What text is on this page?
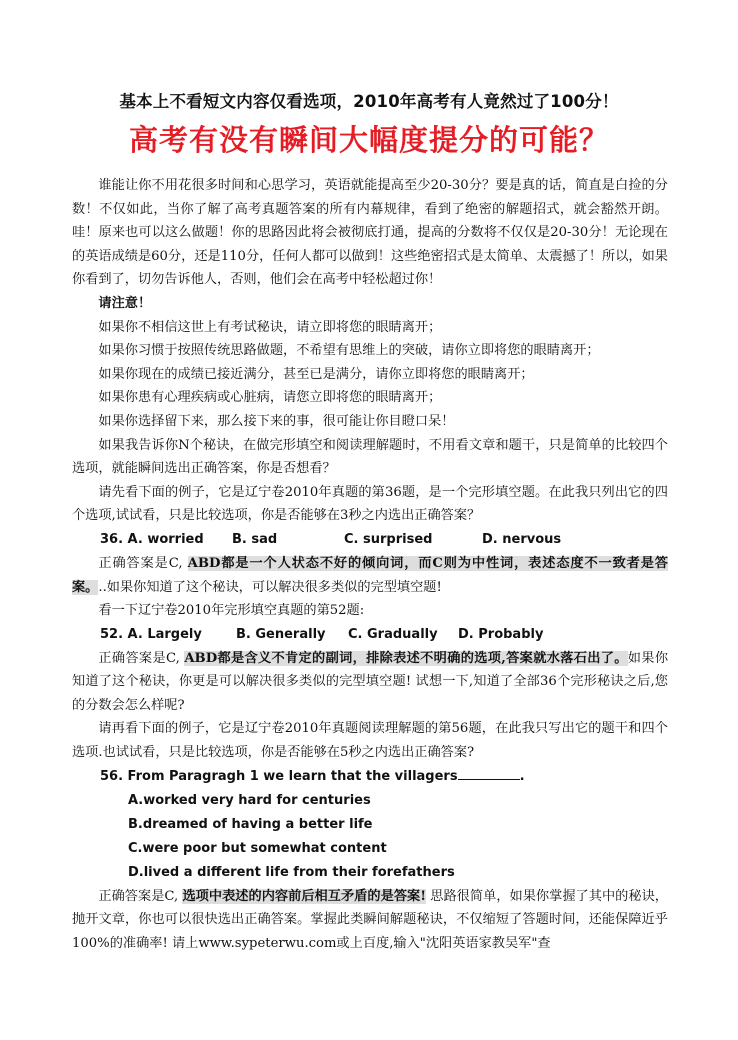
基本上不看短文内容仅看选项，2010年高考有人竟然过了100分！
高考有没有瞬间大幅度提分的可能？

谁能让你不用花很多时间和心思学习，英语就能提高至少20-30分？要是真的话，简直是白捡的分数！不仅如此，当你了解了高考真题答案的所有内幕规律，看到了绝密的解题招式，就会豁然开朗。哇！原来也可以这么做题！你的思路因此将会被彻底打通，提高的分数将不仅仅是20-30分！无论现在的英语成绩是60分，还是110分，任何人都可以做到！这些绝密招式是太简单、太震撼了！所以，如果你看到了，切勿告诉他人，否则，他们会在高考中轻松超过你！

请注意！

如果你不相信这世上有考试秘诀，请立即将您的眼睛离开；

如果你习惯于按照传统思路做题，不希望有思维上的突破，请你立即将您的眼睛离开；

如果你现在的成绩已接近满分，甚至已是满分，请你立即将您的眼睛离开；

如果你患有心理疾病或心脏病，请您立即将您的眼睛离开；

如果你选择留下来，那么接下来的事，很可能让你目瞪口呆！

如果我告诉你N个秘诀，在做完形填空和阅读理解题时，不用看文章和题干，只是简单的比较四个选项，就能瞬间选出正确答案，你是否想看？

请先看下面的例子，它是辽宁卷2010年真题的第36题，是一个完形填空题。在此我只列出它的四个选项,试试看，只是比较选项，你是否能够在3秒之内选出正确答案？

36. A. worried	B. sad	C. surprised	D. nervous

正确答案是C, ABD都是一个人状态不好的倾向词，而C则为中性词，表述态度不一致者是答案。..如果你知道了这个秘诀，可以解决很多类似的完型填空题!

看一下辽宁卷2010年完形填空真题的第52题:

52. A. Largely	B. Generally	C. Gradually	D. Probably

正确答案是C, ABD都是含义不肯定的副词，排除表述不明确的选项,答案就水落石出了。如果你知道了这个秘诀，你更是可以解决很多类似的完型填空题! 试想一下,知道了全部36个完形秘诀之后,您的分数会怎么样呢?

请再看下面的例子，它是辽宁卷2010年真题阅读理解题的第56题，在此我只写出它的题干和四个选项.也试试看，只是比较选项，你是否能够在5秒之内选出正确答案?

56. From Paragragh 1 we learn that the villagers	.

A.worked very hard for centuries

B.dreamed of having a better life

C.were poor but somewhat content

D.lived a different life from their forefathers

正确答案是C, 选项中表述的内容前后相互矛盾的是答案! 思路很简单，如果你掌握了其中的秘诀，抛开文章，你也可以很快选出正确答案。掌握此类瞬间解题秘诀，不仅缩短了答题时间，还能保障近乎100%的准确率! 请上www.sypeterwu.com或上百度,输入"沈阳英语家教吴军"查
